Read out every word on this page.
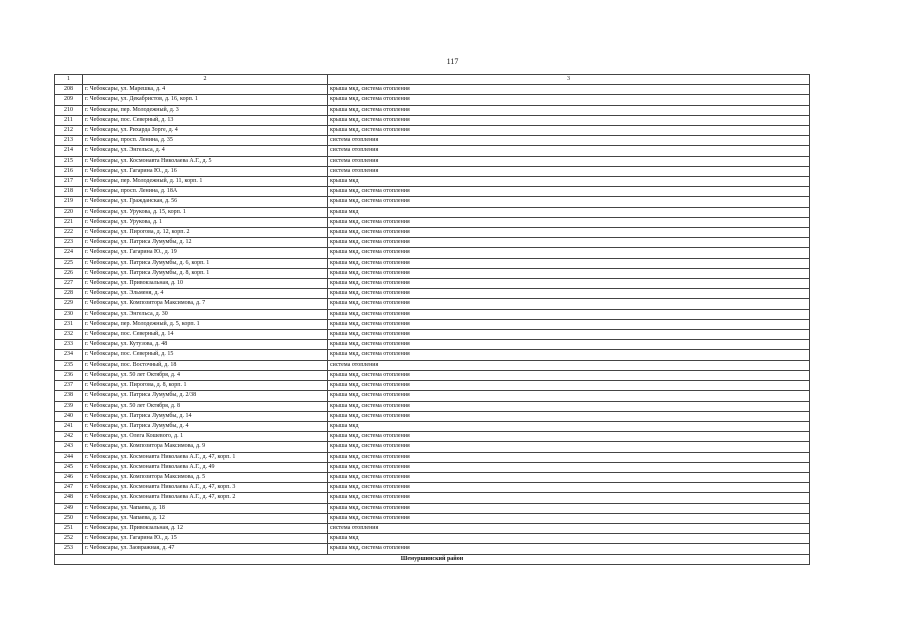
117
1	2	3
208	г. Чебоксары, ул. Марешка, д. 4	крыша мкд, система отопления
209	г. Чебоксары, ул. Декабристов, д. 16, корп. 1	крыша мкд, система отопления
210	г. Чебоксары, пер. Молодежный, д. 3	крыша мкд, система отопления
211	г. Чебоксары, пос. Северный, д. 13	крыша мкд, система отопления
212	г. Чебоксары, ул. Рихарда Зорге, д. 4	крыша мкд, система отопления
213	г. Чебоксары, просп. Ленина, д. 35	система отопления
214	г. Чебоксары, ул. Энгельса, д. 4	система отопления
215	г. Чебоксары, ул. Космонавта Николаева А.Г., д. 5	система отопления
216	г. Чебоксары, ул. Гагарина Ю., д. 16	система отопления
217	г. Чебоксары, пер. Молодежный, д. 11, корп. 1	крыша мкд
218	г. Чебоксары, просп. Ленина, д. 18А	крыша мкд, система отопления
219	г. Чебоксары, ул. Гражданская, д. 56	крыша мкд, система отопления
220	г. Чебоксары, ул. Урукова, д. 15, корп. 1	крыша мкд
221	г. Чебоксары, ул. Урукова, д. 1	крыша мкд, система отопления
222	г. Чебоксары, ул. Пирогова, д. 12, корп. 2	крыша мкд, система отопления
223	г. Чебоксары, ул. Патриса Лумумбы, д. 12	крыша мкд, система отопления
224	г. Чебоксары, ул. Гагарина Ю., д. 19	крыша мкд, система отопления
225	г. Чебоксары, ул. Патриса Лумумбы, д. 6, корп. 1	крыша мкд, система отопления
226	г. Чебоксары, ул. Патриса Лумумбы, д. 8, корп. 1	крыша мкд, система отопления
227	г. Чебоксары, ул. Привокзальная, д. 10	крыша мкд, система отопления
228	г. Чебоксары, ул. Эльменя, д. 4	крыша мкд, система отопления
229	г. Чебоксары, ул. Композитора Максимова, д. 7	крыша мкд, система отопления
230	г. Чебоксары, ул. Энгельса, д. 30	крыша мкд, система отопления
231	г. Чебоксары, пер. Молодежный, д. 5, корп. 1	крыша мкд, система отопления
232	г. Чебоксары, пос. Северный, д. 14	крыша мкд, система отопления
233	г. Чебоксары, ул. Кутузова, д. 48	крыша мкд, система отопления
234	г. Чебоксары, пос. Северный, д. 15	крыша мкд, система отопления
235	г. Чебоксары, пос. Восточный, д. 18	система отопления
236	г. Чебоксары, ул. 50 лет Октября, д. 4	крыша мкд, система отопления
237	г. Чебоксары, ул. Пирогова, д. 8, корп. 1	крыша мкд, система отопления
238	г. Чебоксары, ул. Патриса Лумумбы, д. 2/38	крыша мкд, система отопления
239	г. Чебоксары, ул. 50 лет Октября, д. 8	крыша мкд, система отопления
240	г. Чебоксары, ул. Патриса Лумумбы, д. 14	крыша мкд, система отопления
241	г. Чебоксары, ул. Патриса Лумумбы, д. 4	крыша мкд
242	г. Чебоксары, ул. Олега Кошевого, д. 1	крыша мкд, система отопления
243	г. Чебоксары, ул. Композитора Максимова, д. 9	крыша мкд, система отопления
244	г. Чебоксары, ул. Космонавта Николаева А.Г., д. 47, корп. 1	крыша мкд, система отопления
245	г. Чебоксары, ул. Космонавта Николаева А.Г., д. 49	крыша мкд, система отопления
246	г. Чебоксары, ул. Композитора Максимова, д. 5	крыша мкд, система отопления
247	г. Чебоксары, ул. Космонавта Николаева А.Г., д. 47, корп. 3	крыша мкд, система отопления
248	г. Чебоксары, ул. Космонавта Николаева А.Г., д. 47, корп. 2	крыша мкд, система отопления
249	г. Чебоксары, ул. Чапаева, д. 18	крыша мкд, система отопления
250	г. Чебоксары, ул. Чапаева, д. 12	крыша мкд, система отопления
251	г. Чебоксары, ул. Привокзальная, д. 12	система отопления
252	г. Чебоксары, ул. Гагарина Ю., д. 15	крыша мкд
253	г. Чебоксары, ул. Заовражная, д. 47	крыша мкд, система отопления
Шемуршинский район		
